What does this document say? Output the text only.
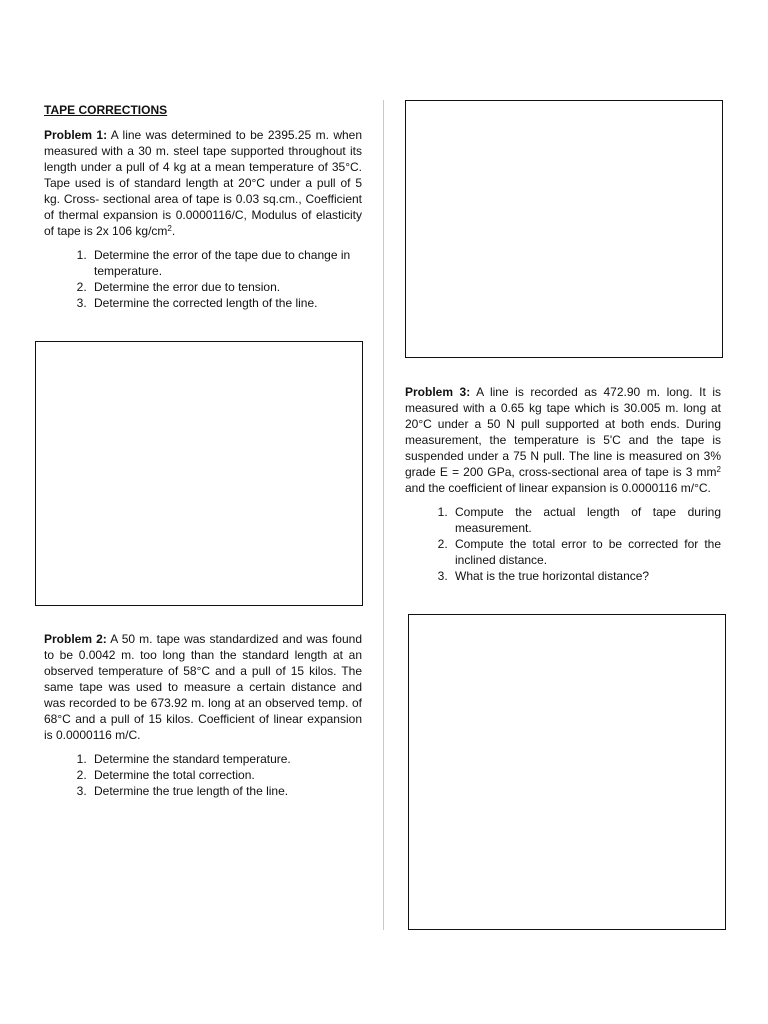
TAPE CORRECTIONS

Problem 1: A line was determined to be 2395.25 m. when measured with a 30 m. steel tape supported throughout its length under a pull of 4 kg at a mean temperature of 35°C. Tape used is of standard length at 20°C under a pull of 5 kg. Cross- sectional area of tape is 0.03 sq.cm., Coefficient of thermal expansion is 0.0000116/C, Modulus of elasticity of tape is 2x 106 $kg/cm^2$.

1. Determine the error of the tape due to change in temperature.
2. Determine the error due to tension.
3. Determine the corrected length of the line.

Problem 2: A 50 m. tape was standardized and was found to be 0.0042 m. too long than the standard length at an observed temperature of 58°C and a pull of 15 kilos. The same tape was used to measure a certain distance and was recorded to be 673.92 m. long at an observed temp. of 68°C and a pull of 15 kilos. Coefficient of linear expansion is 0.0000116 m/C.

1. Determine the standard temperature.
2. Determine the total correction.
3. Determine the true length of the line.

Problem 3: A line is recorded as 472.90 m. long. It is measured with a 0.65 kg tape which is 30.005 m. long at 20°C under a 50 N pull supported at both ends. During measurement, the temperature is 5'C and the tape is suspended under a 75 N pull. The line is measured on 3% grade E = 200 GPa, cross-sectional area of tape is 3 $mm^2$ and the coefficient of linear expansion is 0.0000116 m/°C.

1. Compute the actual length of tape during measurement.
2. Compute the total error to be corrected for the inclined distance.
3. What is the true horizontal distance?
